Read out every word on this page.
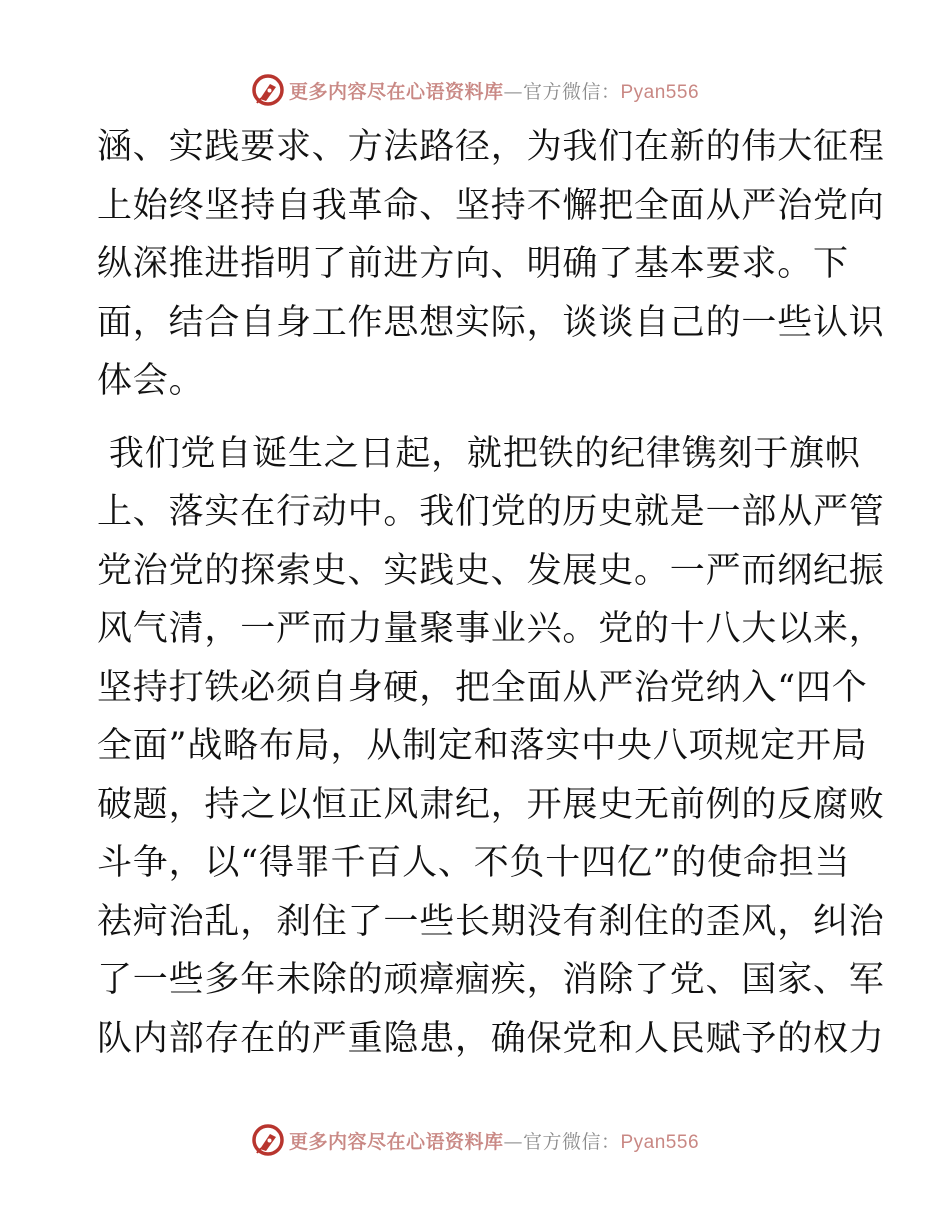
更多内容尽在心语资料库 — 官方微信： Pyan556

涵、实践要求、方法路径，为我们在新的伟大征程
上始终坚持自我革命、坚持不懈把全面从严治党向
纵深推进指明了前进方向、明确了基本要求。下
面，结合自身工作思想实际，谈谈自己的一些认识
体会。

我们党自诞生之日起，就把铁的纪律镌刻于旗帜
上、落实在行动中。我们党的历史就是一部从严管
党治党的探索史、实践史、发展史。一严而纲纪振
风气清，一严而力量聚事业兴。党的十八大以来，
坚持打铁必须自身硬，把全面从严治党纳入“四个
全面”战略布局，从制定和落实中央八项规定开局
破题，持之以恒正风肃纪，开展史无前例的反腐败
斗争，以“得罪千百人、不负十四亿”的使命担当
祛疴治乱，刹住了一些长期没有刹住的歪风，纠治
了一些多年未除的顽瘴痼疾，消除了党、国家、军
队内部存在的严重隐患，确保党和人民赋予的权力

更多内容尽在心语资料库 — 官方微信： Pyan556
